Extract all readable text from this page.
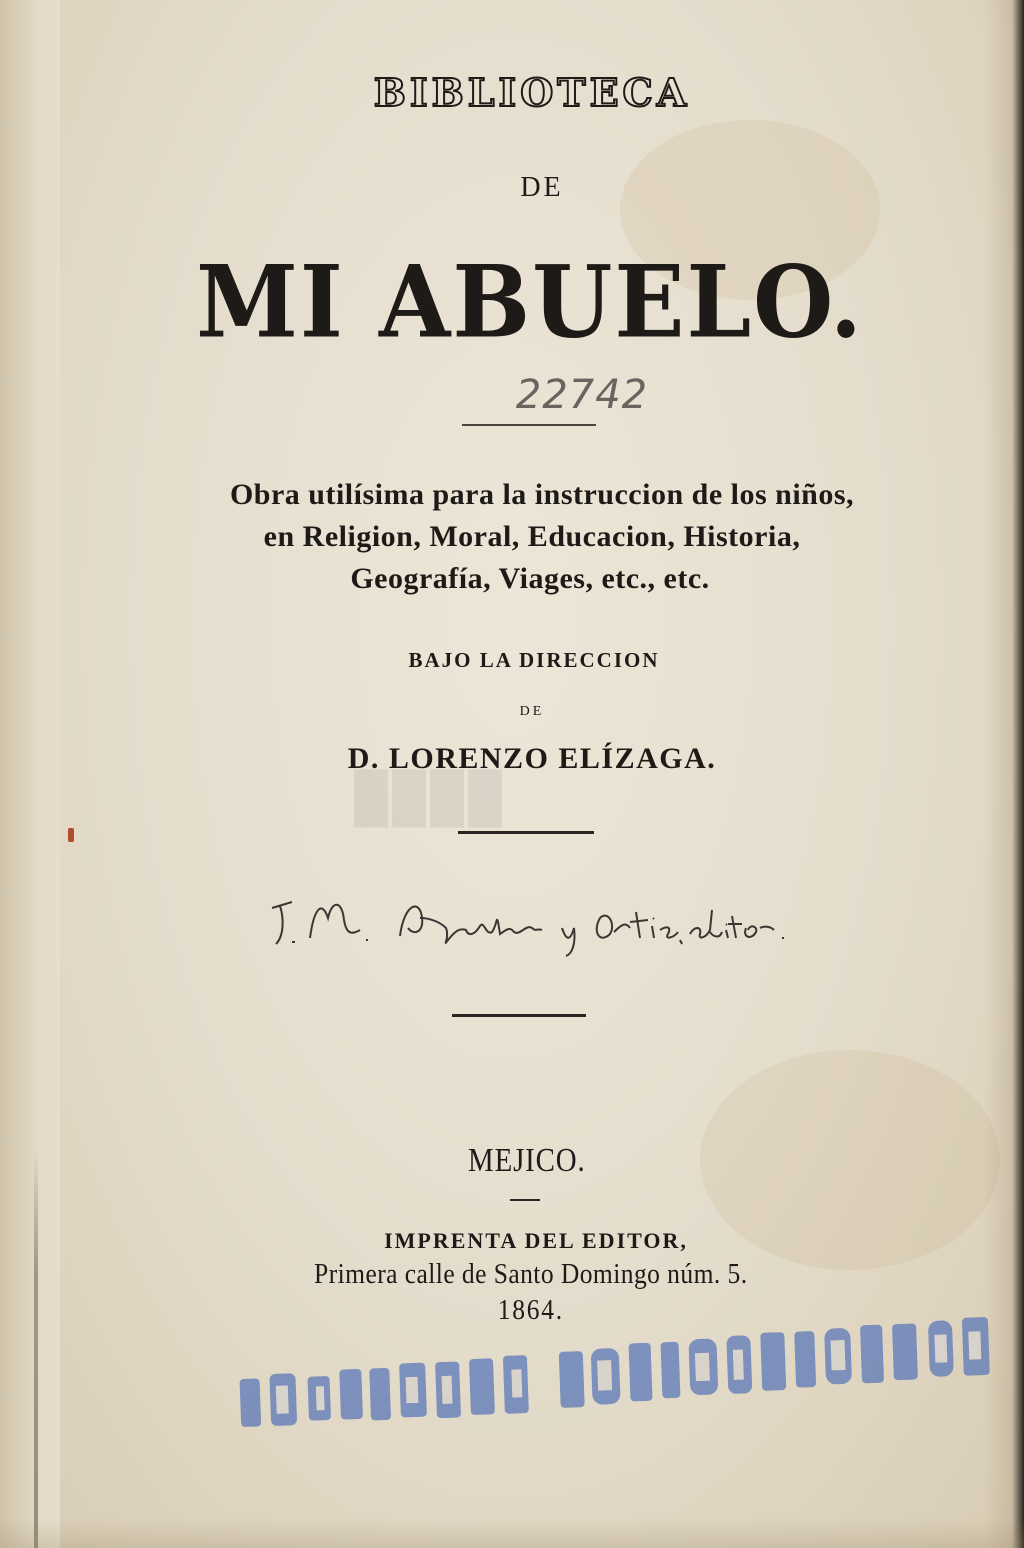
BIBLIOTECA
DE
MI ABUELO.
22742
Obra utilísima para la instruccion de los niños,
en Religion, Moral, Educacion, Historia,
Geografía, Viages, etc., etc.
BAJO LA DIRECCION
DE
D. LORENZO ELÍZAGA.
████
MEJICO.
IMPRENTA DEL EDITOR,
Primera calle de Santo Domingo núm. 5.
1864.
